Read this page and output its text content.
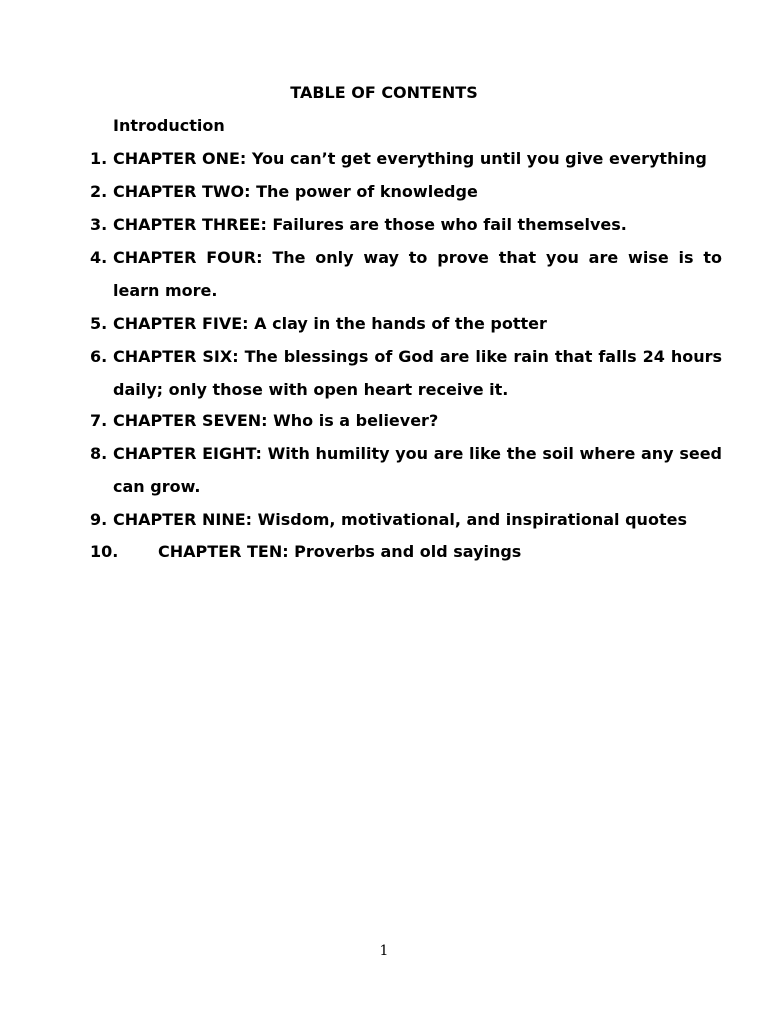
TABLE OF CONTENTS
Introduction
1. CHAPTER ONE: You can’t get everything until you give everything
2. CHAPTER TWO: The power of knowledge
3. CHAPTER THREE: Failures are those who fail themselves.
4. CHAPTER FOUR: The only way to prove that you are wise is to learn more.
5. CHAPTER FIVE: A clay in the hands of the potter
6. CHAPTER SIX: The blessings of God are like rain that falls 24 hours daily; only those with open heart receive it.
7. CHAPTER SEVEN: Who is a believer?
8. CHAPTER EIGHT: With humility you are like the soil where any seed can grow.
9. CHAPTER NINE: Wisdom, motivational, and inspirational quotes
10. CHAPTER TEN: Proverbs and old sayings
1
